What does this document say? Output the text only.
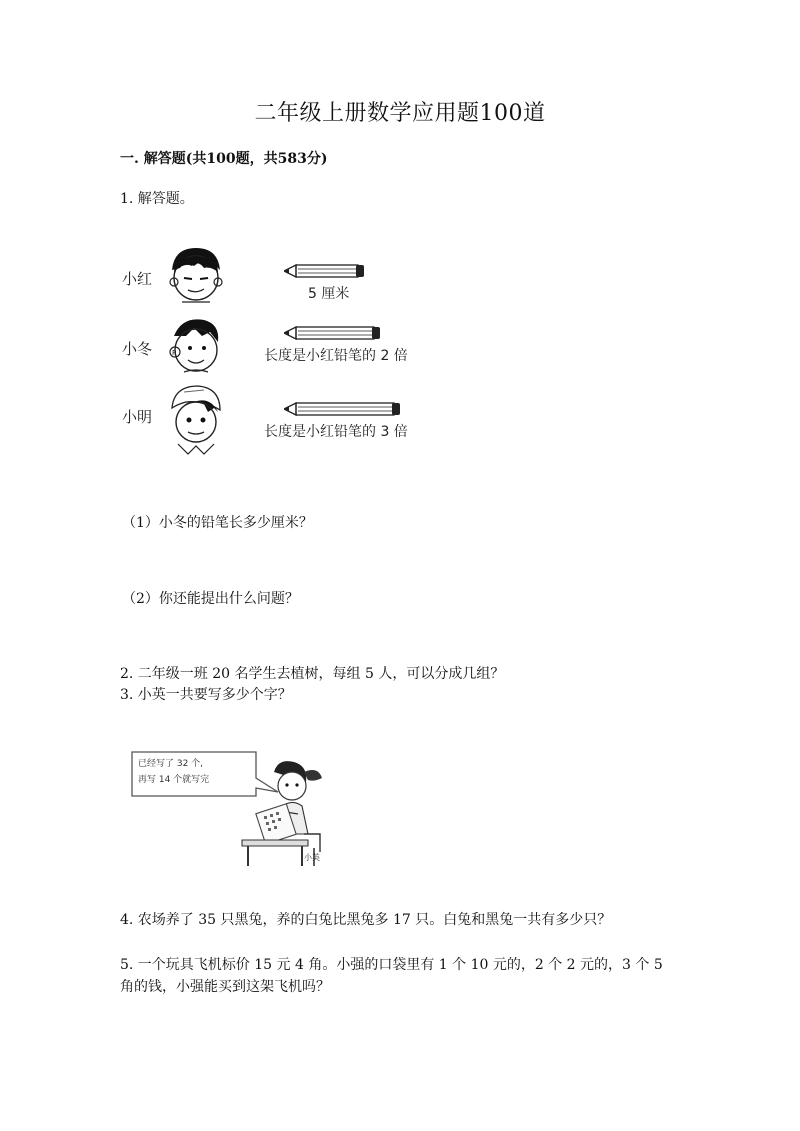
二年级上册数学应用题100道
一. 解答题(共100题，共583分)
1. 解答题。
小红
5 厘米
小冬	P	长度是小红铅笔的 2 倍
小明
长度是小红铅笔的 3 倍
（1）小冬的铅笔长多少厘米？
（2）你还能提出什么问题？
2. 二年级一班 20 名学生去植树，每组 5 人，可以分成几组？
3. 小英一共要写多少个字？
已经写了 32 个,
再写 14 个就写完
小英
4. 农场养了 35 只黑兔，养的白兔比黑兔多 17 只。白兔和黑兔一共有多少只？
5. 一个玩具飞机标价 15 元 4 角。小强的口袋里有 1 个 10 元的，2 个 2 元的，3 个 5 角的钱，小强能买到这架飞机吗？
